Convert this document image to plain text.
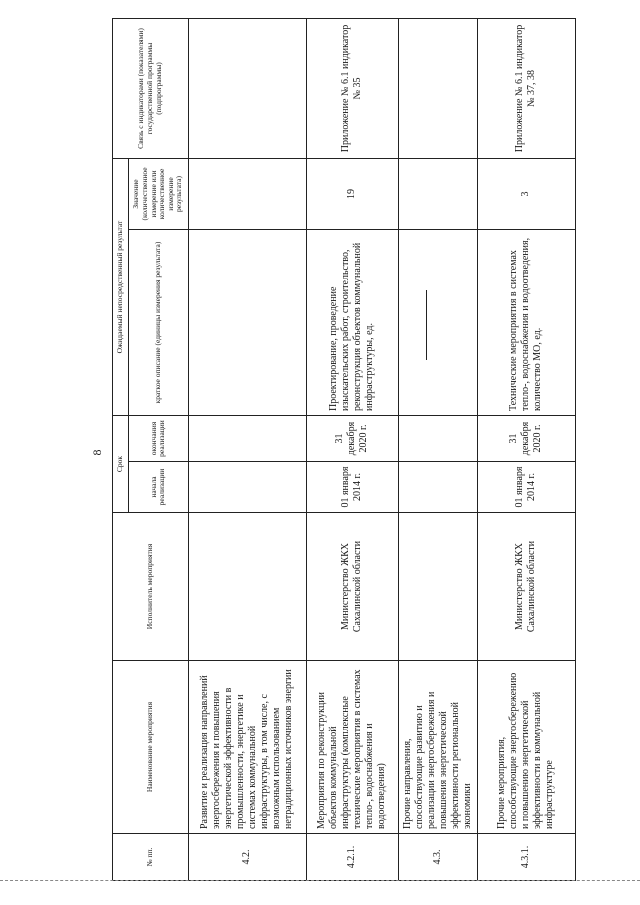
8
№ пп.	Наименование мероприятия	Исполнитель мероприятия	Срок		Ожидаемый непосредственный результат		Связь с индикаторами (показателями) государственной программы (подпрограммы)
			начала реализации	окончания реализации	краткое описание (единицы измерения результата)	Значение (количественное измерение или количественное измерение результата)	
4.2.	Развитие и реализация направлений энергосбережения и повышения энергетической эффективности в промышленности, энергетике и системах коммунальной инфраструктуры, в том числе, с возможным использованием нетрадиционных источников энергии						
4.2.1.	Мероприятия по реконструкции объектов коммунальной инфраструктуры (комплексные технические мероприятия в системах тепло-, водоснабжения и водоотведения)	Министерство ЖКХ Сахалинской области	01 января 2014 г.	31 декабря 2020 г.	Проектирование, проведение изыскательских работ, строительство, реконструкция объектов коммунальной инфраструктуры, ед.	19	Приложение № 6.1 индикатор № 35
4.3.	Прочие направления, способствующие развитию и реализации энергосбережения и повышения энергетической эффективности региональной экономики						
4.3.1.	Прочие мероприятия, способствующие энергосбережению и повышению энергетической эффективности в коммунальной инфраструктуре	Министерство ЖКХ Сахалинской области	01 января 2014 г.	31 декабря 2020 г.	Технические мероприятия в системах тепло-, водоснабжения и водоотведения, количество МО, ед.	3	Приложение № 6.1 индикатор № 37, 38
